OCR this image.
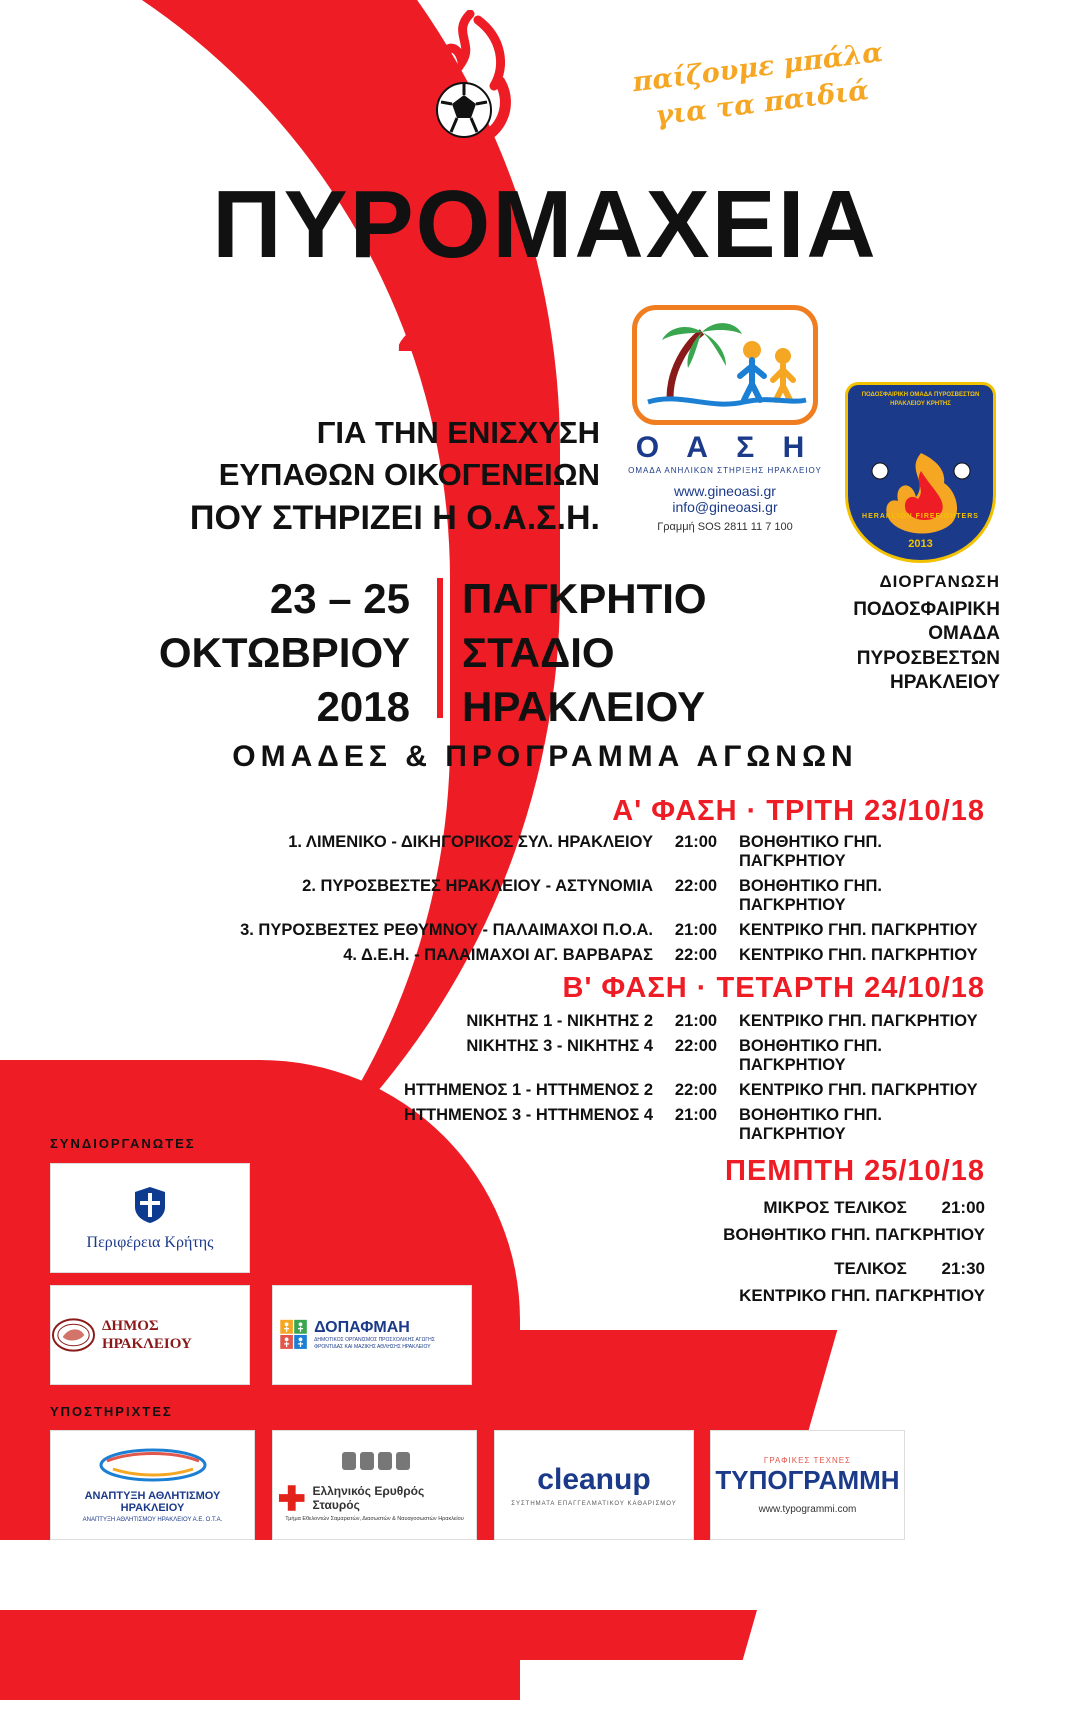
παίζουμε μπάλα για τα παιδιά
ΠΥΡΟΜΑΧΕΙΑ
2018
ΓΙΑ ΤΗΝ ΕΝΙΣΧΥΣΗ
ΕΥΠΑΘΩΝ ΟΙΚΟΓΕΝΕΙΩΝ
ΠΟΥ ΣΤΗΡΙΖΕΙ Η Ο.Α.Σ.Η.
Ο Α Σ Η
ΟΜΑΔΑ ΑΝΗΛΙΚΩΝ ΣΤΗΡΙΞΗΣ ΗΡΑΚΛΕΙΟΥ
www.gineoasi.gr
info@gineoasi.gr
Γραμμή SOS 2811 11 7 100
ΠΟΔΟΣΦΑΙΡΙΚΗ ΟΜΑΔΑ ΠΥΡΟΣΒΕΣΤΩΝ ΗΡΑΚΛΕΙΟΥ ΚΡΗΤΗΣ
HERAKLION FIREFIGHTERS
2013
23 – 25
ΟΚΤΩΒΡΙΟΥ
2018
ΠΑΓΚΡΗΤΙΟ
ΣΤΑΔΙΟ
ΗΡΑΚΛΕΙΟΥ
ΔΙΟΡΓΑΝΩΣΗ
ΠΟΔΟΣΦΑΙΡΙΚΗ
ΟΜΑΔΑ
ΠΥΡΟΣΒΕΣΤΩΝ
ΗΡΑΚΛΕΙΟΥ
ΟΜΑΔΕΣ & ΠΡΟΓΡΑΜΜΑ ΑΓΩΝΩΝ
Α' ΦΑΣΗ · ΤΡΙΤΗ 23/10/18
1. ΛΙΜΕΝΙΚΟ - ΔΙΚΗΓΟΡΙΚΟΣ ΣΥΛ. ΗΡΑΚΛΕΙΟΥ	21:00	ΒΟΗΘΗΤΙΚΟ ΓΗΠ. ΠΑΓΚΡΗΤΙΟΥ
2. ΠΥΡΟΣΒΕΣΤΕΣ ΗΡΑΚΛΕΙΟΥ - ΑΣΤΥΝΟΜΙΑ	22:00	ΒΟΗΘΗΤΙΚΟ ΓΗΠ. ΠΑΓΚΡΗΤΙΟΥ
3. ΠΥΡΟΣΒΕΣΤΕΣ ΡΕΘΥΜΝΟΥ - ΠΑΛΑΙΜΑΧΟΙ Π.Ο.Α.	21:00	ΚΕΝΤΡΙΚΟ ΓΗΠ. ΠΑΓΚΡΗΤΙΟΥ
4. Δ.Ε.Η. - ΠΑΛΑΙΜΑΧΟΙ ΑΓ. ΒΑΡΒΑΡΑΣ	22:00	ΚΕΝΤΡΙΚΟ ΓΗΠ. ΠΑΓΚΡΗΤΙΟΥ
Β' ΦΑΣΗ · ΤΕΤΑΡΤΗ 24/10/18
ΝΙΚΗΤΗΣ 1 - ΝΙΚΗΤΗΣ 2	21:00	ΚΕΝΤΡΙΚΟ ΓΗΠ. ΠΑΓΚΡΗΤΙΟΥ
ΝΙΚΗΤΗΣ 3 - ΝΙΚΗΤΗΣ 4	22:00	ΒΟΗΘΗΤΙΚΟ ΓΗΠ. ΠΑΓΚΡΗΤΙΟΥ
ΗΤΤΗΜΕΝΟΣ 1 - ΗΤΤΗΜΕΝΟΣ 2	22:00	ΚΕΝΤΡΙΚΟ ΓΗΠ. ΠΑΓΚΡΗΤΙΟΥ
ΗΤΤΗΜΕΝΟΣ 3 - ΗΤΤΗΜΕΝΟΣ 4	21:00	ΒΟΗΘΗΤΙΚΟ ΓΗΠ. ΠΑΓΚΡΗΤΙΟΥ
ΠΕΜΠΤΗ 25/10/18
ΜΙΚΡΟΣ ΤΕΛΙΚΟΣ 21:00
ΒΟΗΘΗΤΙΚΟ ΓΗΠ. ΠΑΓΚΡΗΤΙΟΥ
ΤΕΛΙΚΟΣ 21:30
ΚΕΝΤΡΙΚΟ ΓΗΠ. ΠΑΓΚΡΗΤΙΟΥ
ΣΥΝΔΙΟΡΓΑΝΩΤΕΣ
Περιφέρεια Κρήτης
ΔΗΜΟΣ ΗΡΑΚΛΕΙΟΥ
ΔΟΠΑΦΜΑΗ
ΔΗΜΟΤΙΚΟΣ ΟΡΓΑΝΙΣΜΟΣ ΠΡΟΣΧΟΛΙΚΗΣ ΑΓΩΓΗΣ ΦΡΟΝΤΙΔΑΣ ΚΑΙ ΜΑΖΙΚΗΣ ΑΘΛΗΣΗΣ ΗΡΑΚΛΕΙΟΥ
ΥΠΟΣΤΗΡΙΧΤΕΣ
ΑΝΑΠΤΥΞΗ ΑΘΛΗΤΙΣΜΟΥ ΗΡΑΚΛΕΙΟΥ
ΑΝΑΠΤΥΞΗ ΑΘΛΗΤΙΣΜΟΥ ΗΡΑΚΛΕΙΟΥ Α.Ε. Ο.Τ.Α.
Ελληνικός Ερυθρός Σταυρός
Τμήμα Εθελοντών Σαμαρειτών, Διασωστών & Ναυαγοσωστών Ηρακλείου
cleanup
ΣΥΣΤΗΜΑΤΑ ΕΠΑΓΓΕΛΜΑΤΙΚΟΥ ΚΑΘΑΡΙΣΜΟΥ
ΓΡΑΦΙΚΕΣ ΤΕΧΝΕΣ
ΤΥΠΟΓΡΑΜΜΗ
www.typogrammi.com
